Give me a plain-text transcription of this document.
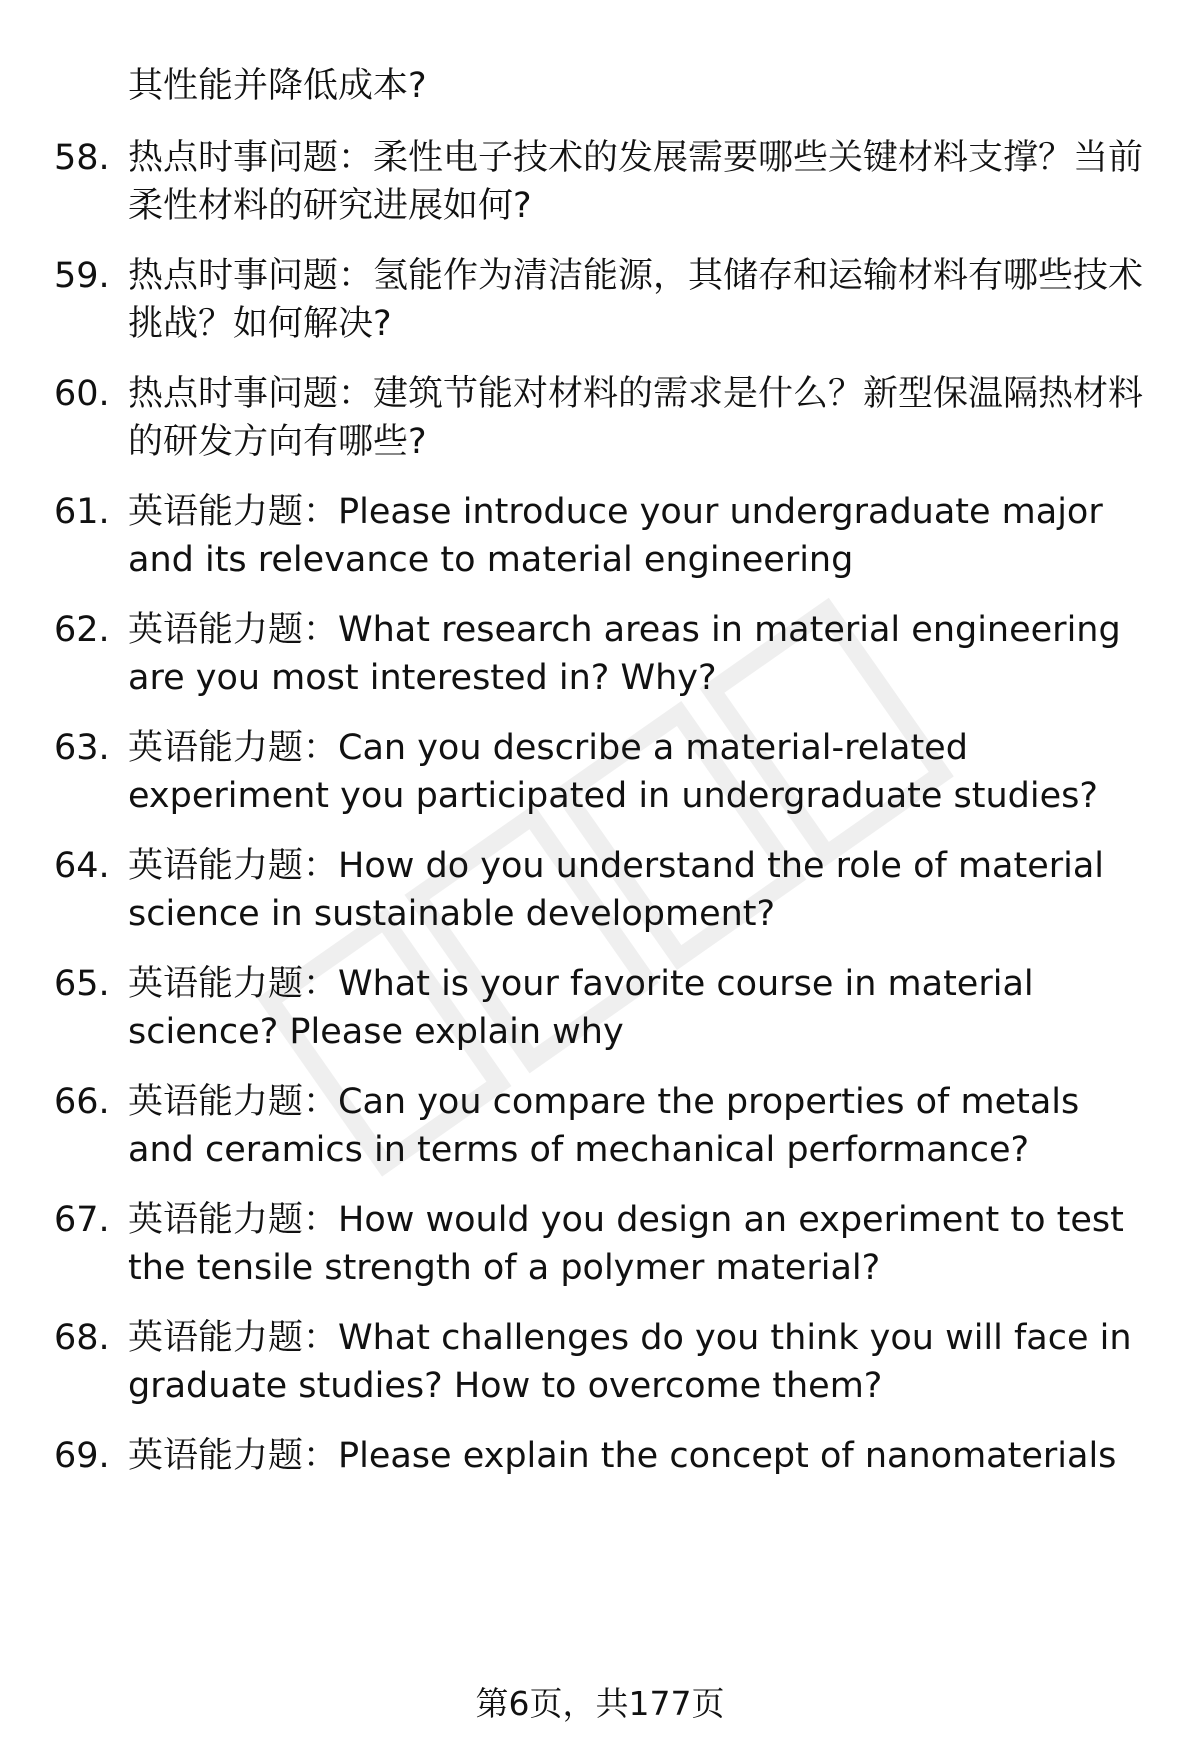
其性能并降低成本?
58. 热点时事问题：柔性电子技术的发展需要哪些关键材料支撑？当前柔性材料的研究进展如何?
59. 热点时事问题：氢能作为清洁能源，其储存和运输材料有哪些技术挑战？如何解决?
60. 热点时事问题：建筑节能对材料的需求是什么？新型保温隔热材料的研发方向有哪些?
61. 英语能力题：Please introduce your undergraduate major and its relevance to material engineering
62. 英语能力题：What research areas in material engineering are you most interested in? Why?
63. 英语能力题：Can you describe a material-related experiment you participated in undergraduate studies?
64. 英语能力题：How do you understand the role of material science in sustainable development?
65. 英语能力题：What is your favorite course in material science? Please explain why
66. 英语能力题：Can you compare the properties of metals and ceramics in terms of mechanical performance?
67. 英语能力题：How would you design an experiment to test the tensile strength of a polymer material?
68. 英语能力题：What challenges do you think you will face in graduate studies? How to overcome them?
69. 英语能力题：Please explain the concept of nanomaterials
第6页，共177页
